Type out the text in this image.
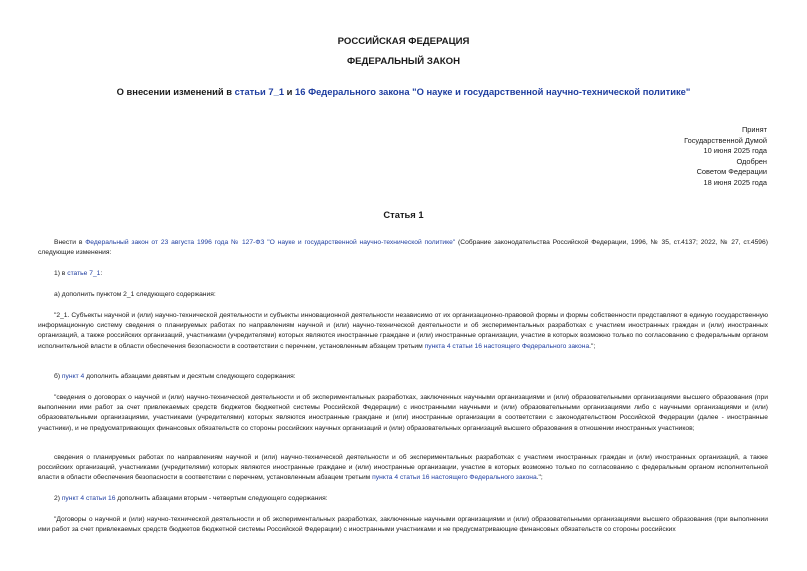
РОССИЙСКАЯ ФЕДЕРАЦИЯ
ФЕДЕРАЛЬНЫЙ ЗАКОН
О внесении изменений в статьи 7_1 и 16 Федерального закона "О науке и государственной научно-технической политике"
Принят
Государственной Думой
10 июня 2025 года
Одобрен
Советом Федерации
18 июня 2025 года
Статья 1
Внести в Федеральный закон от 23 августа 1996 года № 127-ФЗ "О науке и государственной научно-технической политике" (Собрание законодательства Российской Федерации, 1996, № 35, ст.4137; 2022, № 27, ст.4596) следующие изменения:
1) в статье 7_1:
а) дополнить пунктом 2_1 следующего содержания:
"2_1. Субъекты научной и (или) научно-технической деятельности и субъекты инновационной деятельности независимо от их организационно-правовой формы и формы собственности представляют в единую государственную информационную систему сведения о планируемых работах по направлениям научной и (или) научно-технической деятельности и об экспериментальных разработках с участием иностранных граждан и (или) иностранных организаций, а также российских организаций, участниками (учредителями) которых являются иностранные граждане и (или) иностранные организации, участие в которых возможно только по согласованию с федеральным органом исполнительной власти в области обеспечения безопасности в соответствии с перечнем, установленным абзацем третьим пункта 4 статьи 16 настоящего Федерального закона.";
б) пункт 4 дополнить абзацами девятым и десятым следующего содержания:
"сведения о договорах о научной и (или) научно-технической деятельности и об экспериментальных разработках, заключенных научными организациями и (или) образовательными организациями высшего образования (при выполнении ими работ за счет привлекаемых средств бюджетов бюджетной системы Российской Федерации) с иностранными научными и (или) образовательными организациями либо с научными организациями и (или) образовательными организациями, участниками (учредителями) которых являются иностранные граждане и (или) иностранные организации в соответствии с законодательством Российской Федерации (далее - иностранные участники), и не предусматривающих финансовых обязательств со стороны российских научных организаций и (или) образовательных организаций высшего образования в отношении иностранных участников;
сведения о планируемых работах по направлениям научной и (или) научно-технической деятельности и об экспериментальных разработках с участием иностранных граждан и (или) иностранных организаций, а также российских организаций, участниками (учредителями) которых являются иностранные граждане и (или) иностранные организации, участие в которых возможно только по согласованию с федеральным органом исполнительной власти в области обеспечения безопасности в соответствии с перечнем, установленным абзацем третьим пункта 4 статьи 16 настоящего Федерального закона.";
2) пункт 4 статьи 16 дополнить абзацами вторым - четвертым следующего содержания:
"Договоры о научной и (или) научно-технической деятельности и об экспериментальных разработках, заключенные научными организациями и (или) образовательными организациями высшего образования (при выполнении ими работ за счет привлекаемых средств бюджетов бюджетной системы Российской Федерации) с иностранными участниками и не предусматривающие финансовых обязательств со стороны российских
